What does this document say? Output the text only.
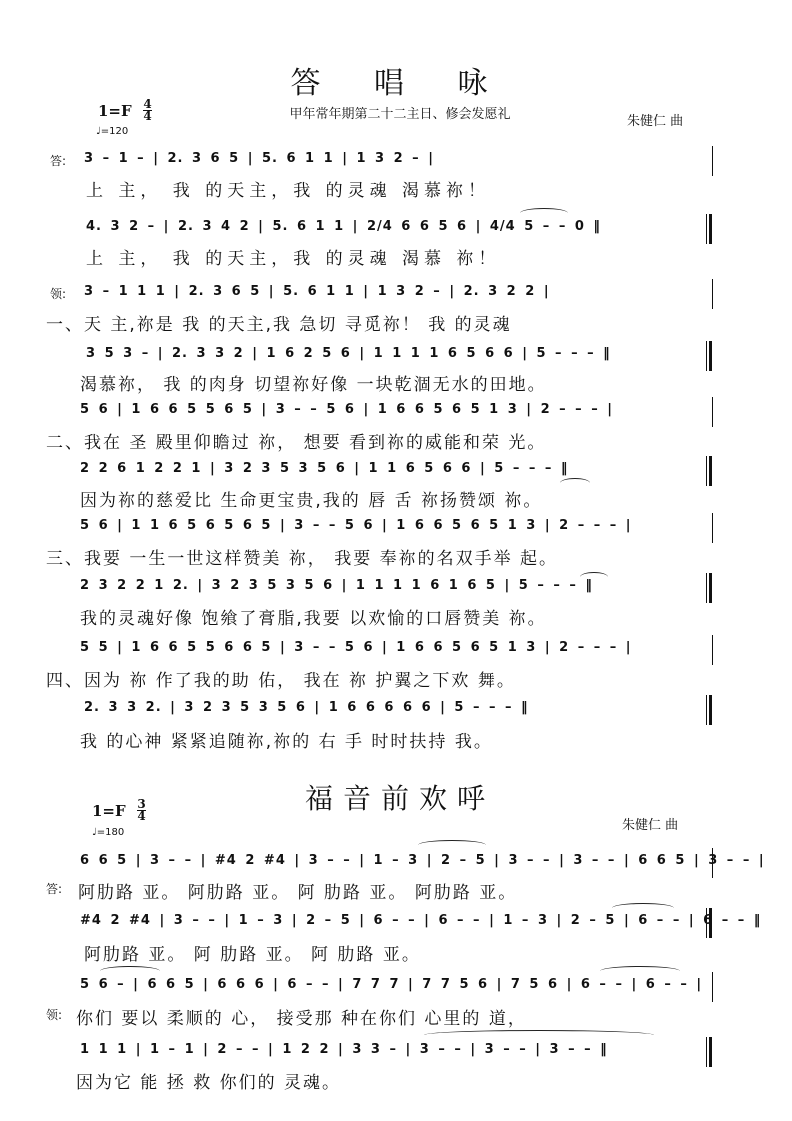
答 唱 咏
甲年常年期第二十二主日、修会发愿礼
1=F 4
4
♩=120
朱健仁 曲
答: 3 – 1 – | 2. 3 6 5 | 5. 6 1 1 | 1 3 2 – |
上 主， 我 的天主，我 的灵魂 渴慕祢！
4. 3 2 – | 2. 3 4 2 | 5. 6 1 1 | 2/4 6 6 5 6 | 4/4 5 – – 0 ‖
上 主， 我 的天主，我 的灵魂 渴慕 祢！
领: 3 – 1 1 1 | 2. 3 6 5 | 5. 6 1 1 | 1 3 2 – | 2. 3 2 2 |
一、天 主,祢是 我 的天主,我 急切 寻觅祢！ 我 的灵魂
3 5 3 – | 2. 3 3 2 | 1 6 2 5 6 | 1 1 1 1 6 5 6 6 | 5 – – – ‖
渴慕祢， 我 的肉身 切望祢好像 一块乾涸无水的田地。
5 6 | 1 6 6 5 5 6 5 | 3 – – 5 6 | 1 6 6 5 6 5 1 3 | 2 – – – |
二、我在 圣 殿里仰瞻过 祢， 想要 看到祢的威能和荣 光。
2 2 6 1 2 2 1 | 3 2 3 5 3 5 6 | 1 1 6 5 6 6 | 5 – – – ‖
因为祢的慈爱比 生命更宝贵,我的 唇 舌 祢扬赞颂 祢。
5 6 | 1 1 6 5 6 5 6 5 | 3 – – 5 6 | 1 6 6 5 6 5 1 3 | 2 – – – |
三、我要 一生一世这样赞美 祢， 我要 奉祢的名双手举 起。
2 3 2 2 1 2. | 3 2 3 5 3 5 6 | 1 1 1 1 6 1 6 5 | 5 – – – ‖
我的灵魂好像 饱飨了膏脂,我要 以欢愉的口唇赞美 祢。
5 5 | 1 6 6 5 5 6 6 5 | 3 – – 5 6 | 1 6 6 5 6 5 1 3 | 2 – – – |
四、因为 祢 作了我的助 佑， 我在 祢 护翼之下欢 舞。
2. 3 3 2. | 3 2 3 5 3 5 6 | 1 6 6 6 6 6 | 5 – – – ‖
我 的心神 紧紧追随祢,祢的 右 手 时时扶持 我。
福音前欢呼
1=F 3
4
♩=180	朱健仁 曲
6 6 5 | 3 – – | #4 2 #4 | 3 – – | 1 – 3 | 2 – 5 | 3 – – | 3 – – | 6 6 5 | 3 – – |
答: 阿肋路 亚。 阿肋路 亚。 阿 肋路 亚。 阿肋路 亚。
#4 2 #4 | 3 – – | 1 – 3 | 2 – 5 | 6 – – | 6 – – | 1 – 3 | 2 – 5 | 6 – – | 6 – – ‖
阿肋路 亚。 阿 肋路 亚。 阿 肋路 亚。
5 6 – | 6 6 5 | 6 6 6 | 6 – – | 7 7 7 | 7 7 5 6 | 7 5 6 | 6 – – | 6 – – |
领: 你们 要以 柔顺的 心， 接受那 种在你们 心里的 道，
1 1 1 | 1 – 1 | 2 – – | 1 2 2 | 3 3 – | 3 – – | 3 – – | 3 – – ‖
因为它 能 拯 救 你们的 灵魂。
